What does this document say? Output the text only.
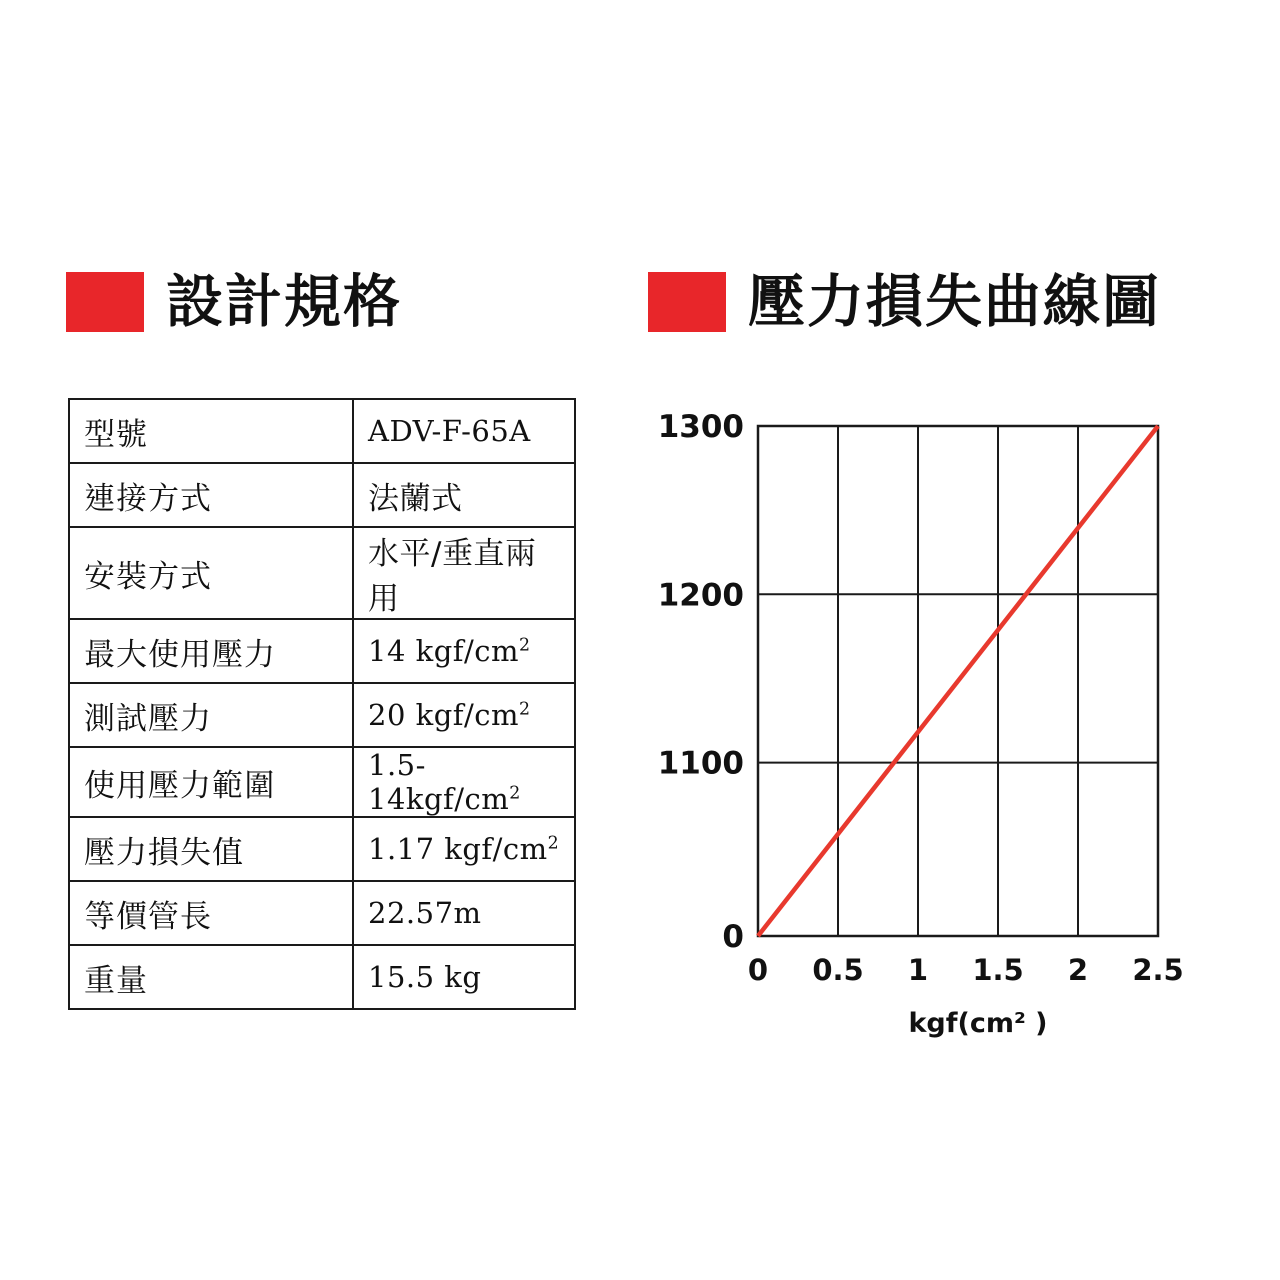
設計規格
型號	ADV-F-65A
連接方式	法蘭式
安裝方式	水平/垂直兩用
最大使用壓力	14 kgf/$cm^2$
測試壓力	20 kgf/$cm^2$
使用壓力範圍	$1.5-14kgf/cm^2$
壓力損失值	1.17 kgf/$cm^2$
等價管長	22.57m
重量	15.5 kg
壓力損失曲線圖
0
1100
1200
1300
0 0.5 1 1.5 2 2.5
kgf(cm² )
